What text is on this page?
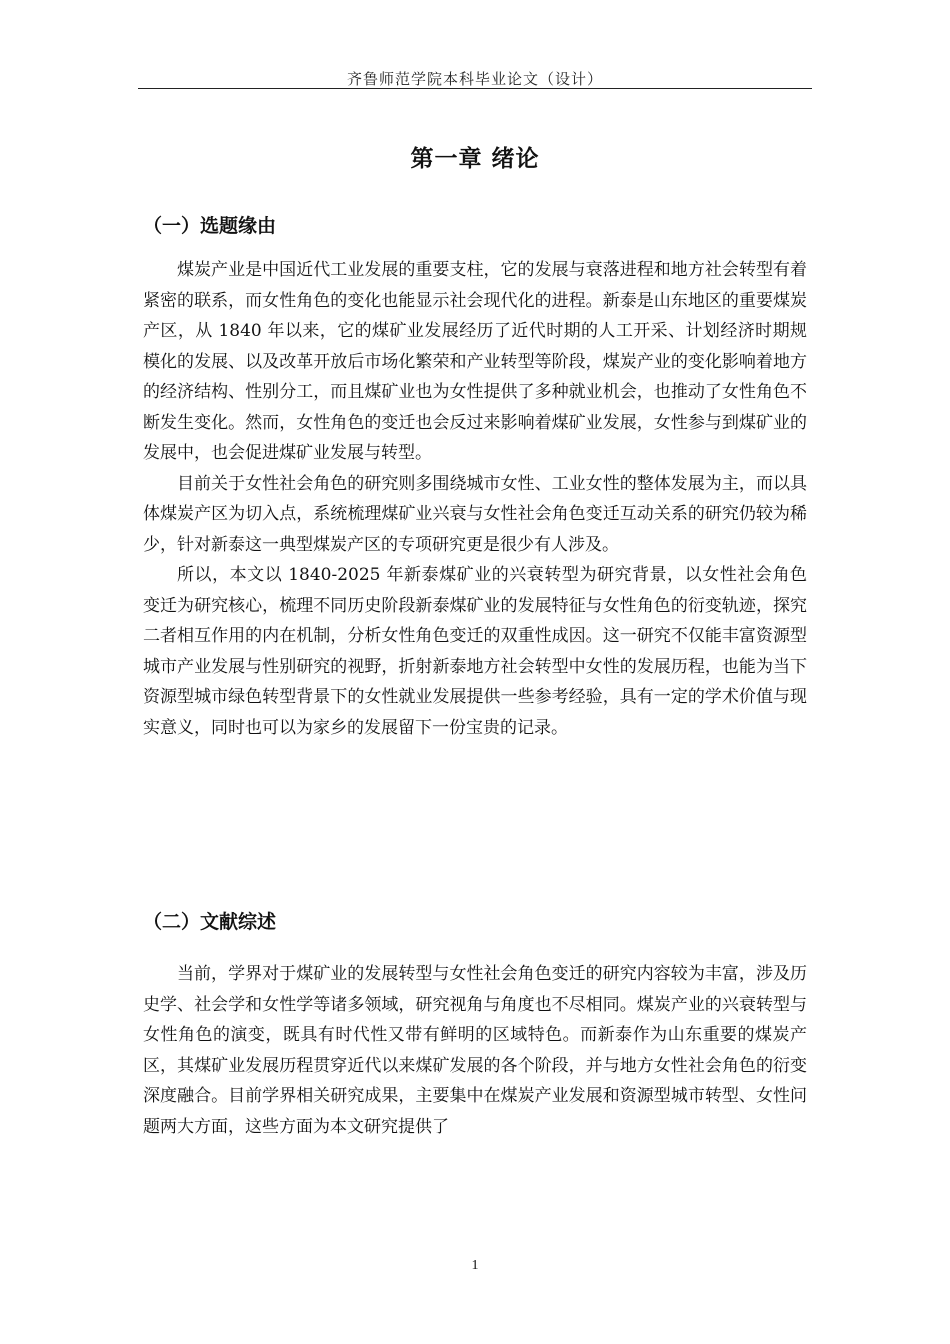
齐鲁师范学院本科毕业论文（设计）
第一章 绪论
（一）选题缘由

煤炭产业是中国近代工业发展的重要支柱，它的发展与衰落进程和地方社会转型有着紧密的联系，而女性角色的变化也能显示社会现代化的进程。新泰是山东地区的重要煤炭产区，从 1840 年以来，它的煤矿业发展经历了近代时期的人工开采、计划经济时期规模化的发展、以及改革开放后市场化繁荣和产业转型等阶段，煤炭产业的变化影响着地方的经济结构、性别分工，而且煤矿业也为女性提供了多种就业机会，也推动了女性角色不断发生变化。然而，女性角色的变迁也会反过来影响着煤矿业发展，女性参与到煤矿业的发展中，也会促进煤矿业发展与转型。

目前关于女性社会角色的研究则多围绕城市女性、工业女性的整体发展为主，而以具体煤炭产区为切入点，系统梳理煤矿业兴衰与女性社会角色变迁互动关系的研究仍较为稀少，针对新泰这一典型煤炭产区的专项研究更是很少有人涉及。

所以，本文以 1840-2025 年新泰煤矿业的兴衰转型为研究背景，以女性社会角色变迁为研究核心，梳理不同历史阶段新泰煤矿业的发展特征与女性角色的衍变轨迹，探究二者相互作用的内在机制，分析女性角色变迁的双重性成因。这一研究不仅能丰富资源型城市产业发展与性别研究的视野，折射新泰地方社会转型中女性的发展历程，也能为当下资源型城市绿色转型背景下的女性就业发展提供一些参考经验，具有一定的学术价值与现实意义，同时也可以为家乡的发展留下一份宝贵的记录。

（二）文献综述

当前，学界对于煤矿业的发展转型与女性社会角色变迁的研究内容较为丰富，涉及历史学、社会学和女性学等诸多领域，研究视角与角度也不尽相同。煤炭产业的兴衰转型与女性角色的演变，既具有时代性又带有鲜明的区域特色。而新泰作为山东重要的煤炭产区，其煤矿业发展历程贯穿近代以来煤矿发展的各个阶段，并与地方女性社会角色的衍变深度融合。目前学界相关研究成果，主要集中在煤炭产业发展和资源型城市转型、女性问题两大方面，这些方面为本文研究提供了

1
